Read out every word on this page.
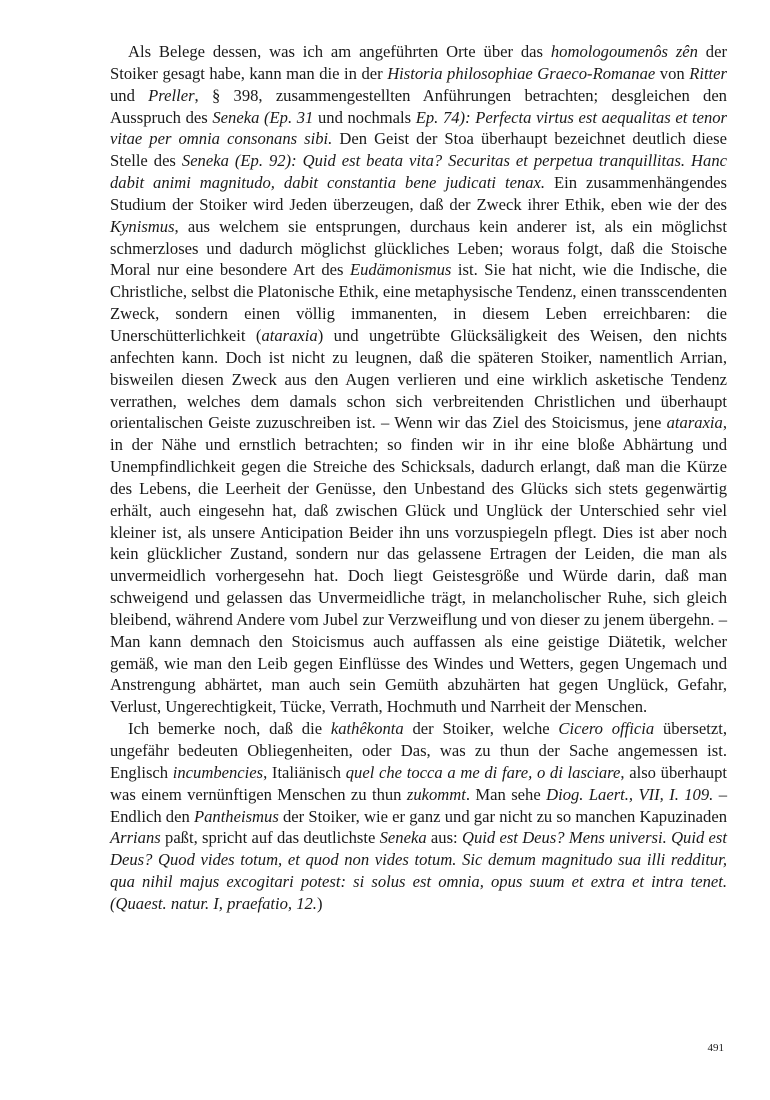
Als Belege dessen, was ich am angeführten Orte über das homologoumenôs zên der Stoiker gesagt habe, kann man die in der Historia philosophiae Graeco-Romanae von Ritter und Preller, § 398, zusammengestellten Anführungen betrachten; desgleichen den Ausspruch des Seneka (Ep. 31 und nochmals Ep. 74): Perfecta virtus est aequalitas et tenor vitae per omnia consonans sibi. Den Geist der Stoa überhaupt bezeichnet deutlich diese Stelle des Seneka (Ep. 92): Quid est beata vita? Securitas et perpetua tranquillitas. Hanc dabit animi magnitudo, dabit constantia bene judicati tenax. Ein zusammenhängendes Studium der Stoiker wird Jeden überzeugen, daß der Zweck ihrer Ethik, eben wie der des Kynismus, aus welchem sie entsprungen, durchaus kein anderer ist, als ein möglichst schmerzloses und dadurch möglichst glückliches Leben; woraus folgt, daß die Stoische Moral nur eine besondere Art des Eudämonismus ist. Sie hat nicht, wie die Indische, die Christliche, selbst die Platonische Ethik, eine metaphysische Tendenz, einen transscendenten Zweck, sondern einen völlig immanenten, in diesem Leben erreichbaren: die Unerschütterlichkeit (ataraxia) und ungetrübte Glücksäligkeit des Weisen, den nichts anfechten kann. Doch ist nicht zu leugnen, daß die späteren Stoiker, namentlich Arrian, bisweilen diesen Zweck aus den Augen verlieren und eine wirklich asketische Tendenz verrathen, welches dem damals schon sich verbreitenden Christlichen und überhaupt orientalischen Geiste zuzuschreiben ist. – Wenn wir das Ziel des Stoicismus, jene ataraxia, in der Nähe und ernstlich betrachten; so finden wir in ihr eine bloße Abhärtung und Unempfindlichkeit gegen die Streiche des Schicksals, dadurch erlangt, daß man die Kürze des Lebens, die Leerheit der Genüsse, den Unbestand des Glücks sich stets gegenwärtig erhält, auch eingesehn hat, daß zwischen Glück und Unglück der Unterschied sehr viel kleiner ist, als unsere Anticipation Beider ihn uns vorzuspiegeln pflegt. Dies ist aber noch kein glücklicher Zustand, sondern nur das gelassene Ertragen der Leiden, die man als unvermeidlich vorhergesehn hat. Doch liegt Geistesgröße und Würde darin, daß man schweigend und gelassen das Unvermeidliche trägt, in melancholischer Ruhe, sich gleich bleibend, während Andere vom Jubel zur Verzweiflung und von dieser zu jenem übergehn. – Man kann demnach den Stoicismus auch auffassen als eine geistige Diätetik, welcher gemäß, wie man den Leib gegen Einflüsse des Windes und Wetters, gegen Ungemach und Anstrengung abhärtet, man auch sein Gemüth abzuhärten hat gegen Unglück, Gefahr, Verlust, Ungerechtigkeit, Tücke, Verrath, Hochmuth und Narrheit der Menschen.

Ich bemerke noch, daß die kathêkonta der Stoiker, welche Cicero officia übersetzt, ungefähr bedeuten Obliegenheiten, oder Das, was zu thun der Sache angemessen ist. Englisch incumbencies, Italiänisch quel che tocca a me di fare, o di lasciare, also überhaupt was einem vernünftigen Menschen zu thun zukommt. Man sehe Diog. Laert., VII, I. 109. – Endlich den Pantheismus der Stoiker, wie er ganz und gar nicht zu so manchen Kapuzinaden Arrians paßt, spricht auf das deutlichste Seneka aus: Quid est Deus? Mens universi. Quid est Deus? Quod vides totum, et quod non vides totum. Sic demum magnitudo sua illi redditur, qua nihil majus excogitari potest: si solus est omnia, opus suum et extra et intra tenet. (Quaest. natur. I, praefatio, 12.)

491
